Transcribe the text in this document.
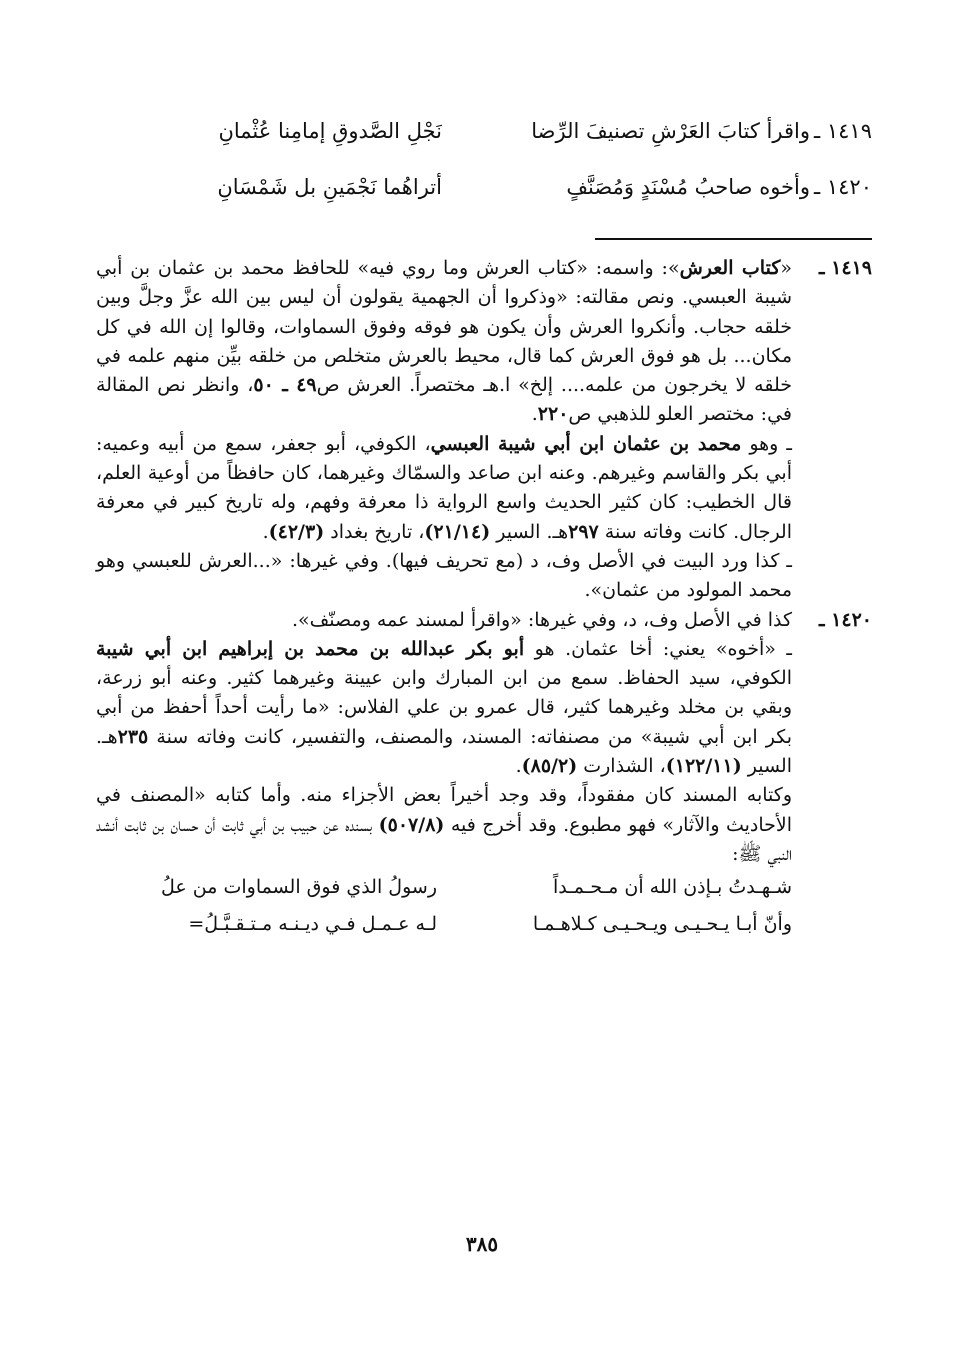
١٤١٩ ـ
واقرأ كتابَ العَرْشِ تصنيفَ الرِّضا
نَجْلِ الصَّدوقِ إمامِنا عُثْمانِ
١٤٢٠ ـ
وأخوه صاحبُ مُسْنَدٍ وَمُصَنَّفٍ
أتراهُما نَجْمَينِ بل شَمْسَانِ

١٤١٩ ـ«كتاب العرش»: واسمه: «كتاب العرش وما روي فيه» للحافظ محمد بن عثمان بن أبي شيبة العبسي. ونص مقالته: «وذكروا أن الجهمية يقولون أن ليس بين الله عزَّ وجلَّ وبين خلقه حجاب. وأنكروا العرش وأن يكون هو فوقه وفوق السماوات، وقالوا إن الله في كل مكان... بل هو فوق العرش كما قال، محيط بالعرش متخلص من خلقه بيِّن منهم علمه في خلقه لا يخرجون من علمه.... إلخ» ا.هـ مختصراً. العرش ص٤٩ ـ ٥٠، وانظر نص المقالة في: مختصر العلو للذهبي ص٢٢٠.

ـ وهو محمد بن عثمان ابن أبي شيبة العبسي، الكوفي، أبو جعفر، سمع من أبيه وعميه: أبي بكر والقاسم وغيرهم. وعنه ابن صاعد والسمّاك وغيرهما، كان حافظاً من أوعية العلم، قال الخطيب: كان كثير الحديث واسع الرواية ذا معرفة وفهم، وله تاريخ كبير في معرفة الرجال. كانت وفاته سنة ٢٩٧هـ. السير (٢١/١٤)، تاريخ بغداد (٤٢/٣).

ـ كذا ورد البيت في الأصل وف، د (مع تحريف فيها). وفي غيرها: «...العرش للعبسي وهو محمد المولود من عثمان».

١٤٢٠ ـكذا في الأصل وف، د، وفي غيرها: «واقرأ لمسند عمه ومصنّف».

ـ «أخوه» يعني: أخا عثمان. هو أبو بكر عبدالله بن محمد بن إبراهيم ابن أبي شيبة الكوفي، سيد الحفاظ. سمع من ابن المبارك وابن عيينة وغيرهما كثير. وعنه أبو زرعة، وبقي بن مخلد وغيرهما كثير، قال عمرو بن علي الفلاس: «ما رأيت أحداً أحفظ من أبي بكر ابن أبي شيبة» من مصنفاته: المسند، والمصنف، والتفسير، كانت وفاته سنة ٢٣٥هـ. السير (١٢٢/١١)، الشذارت (٨٥/٢).

وكتابه المسند كان مفقوداً، وقد وجد أخيراً بعض الأجزاء منه. وأما كتابه «المصنف في الأحاديث والآثار» فهو مطبوع. وقد أخرج فيه (٥٠٧/٨) بسنده عن حبيب بن أبي ثابت أن حسان بن ثابت أنشد النبي ﷺ:

شـهـدتُ بـإذن الله أن مـحـمـداً
رسولُ الذي فوق السماوات من علُ
وأنّ أبـا يـحـيـى ويـحـيـى كـلاهـمـا
لـه عـمـل فـي ديـنـه مـتـقـبَّـلُ=
٣٨٥
